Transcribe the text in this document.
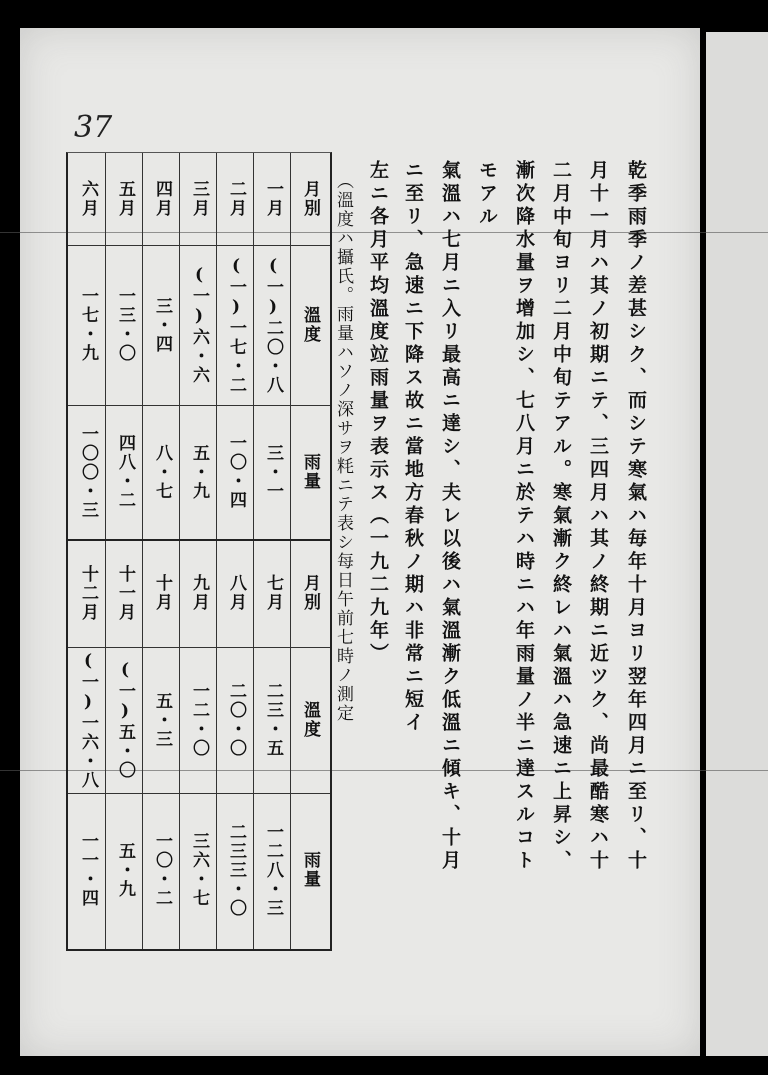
37
乾季雨季ノ差甚シク、而シテ寒氣ハ毎年十月ヨリ翌年四月ニ至リ、十
月十一月ハ其ノ初期ニテ、三四月ハ其ノ終期ニ近ツク、尚最酷寒ハ十
二月中旬ヨリ二月中旬テアル。寒氣漸ク終レハ氣溫ハ急速ニ上昇シ、
漸次降水量ヲ增加シ、七八月ニ於テハ時ニハ年雨量ノ半ニ達スルコト
モアル
氣溫ハ七月ニ入リ最高ニ達シ、夫レ以後ハ氣溫漸ク低溫ニ傾キ、十月
ニ至リ、急速ニ下降ス故ニ當地方春秋ノ期ハ非常ニ短イ
左ニ各月平均溫度竝雨量ヲ表示ス（一九二九年）
（溫度ハ攝氏。雨量ハソノ深サヲ粍ニテ表シ每日午前七時ノ測定
月別
溫度
雨量
月別
溫度
雨量
一月
(一)二〇・八
三・一
二月
(一)一七・二
一〇・四
三月
(一)六・六
五・九
四月
三・四
八・七
五月
一三・〇
四八・二
六月
一七・九
一〇〇・三
七月
二三・五
一二八・三
八月
二〇・〇
二三三・〇
九月
一二・〇
三六・七
十月
五・三
一〇・二
十一月
(一)五・〇
五・九
十二月
(一)一六・八
一一・四
